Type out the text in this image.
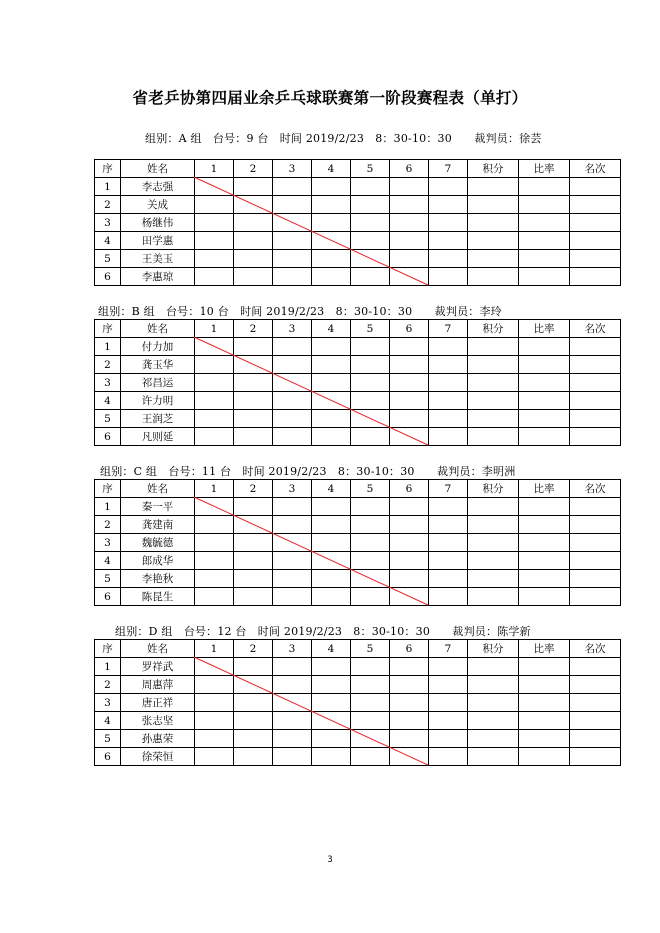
省老乒协第四届业余乒乓球联赛第一阶段赛程表（单打）
组别：A 组　台号：9 台　时间 2019/2/23　8：30-10：30　　裁判员：徐芸
序	姓名	1	2	3	4	5	6	7	积分	比率	名次
1	李志强										
2	关成										
3	杨继伟										
4	田学惠										
5	王美玉										
6	李惠琼										
组别：B 组　台号：10 台　时间 2019/2/23　8：30-10：30　　裁判员：李玲
序	姓名	1	2	3	4	5	6	7	积分	比率	名次
1	付力加										
2	龚玉华										
3	祁昌运										
4	许力明										
5	王润芝										
6	凡则延										
组别：C 组　台号：11 台　时间 2019/2/23　8：30-10：30　　裁判员：李明洲
序	姓名	1	2	3	4	5	6	7	积分	比率	名次
1	秦一平										
2	龚建南										
3	魏毓德										
4	郎成华										
5	李艳秋										
6	陈昆生										
组别：D 组　台号：12 台　时间 2019/2/23　8：30-10：30　　裁判员：陈学新
序	姓名	1	2	3	4	5	6	7	积分	比率	名次
1	罗祥武										
2	周惠萍										
3	唐正祥										
4	张志坚										
5	孙惠荣										
6	徐荣恒										
3
